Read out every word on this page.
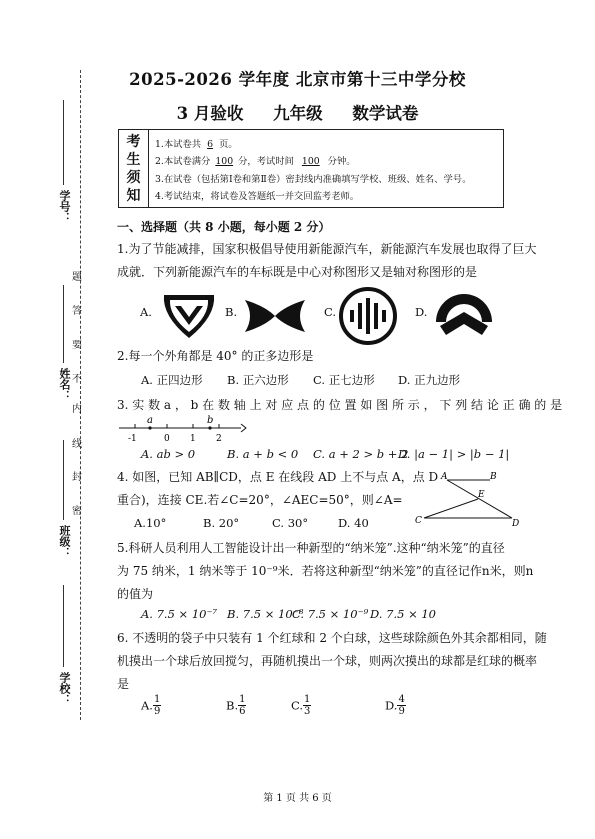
学号：
姓名：
班级：
学校：
题
答
要
不
内
线
封
密
2025-2026 学年度 北京市第十三中学分校
3 月验收 九年级 数学试卷
考
生
须
知
1.本试卷共 6 页。
2.本试卷满分 100 分，考试时间 100 分钟。
3.在试卷（包括第Ⅰ卷和第Ⅱ卷）密封线内准确填写学校、班级、姓名、学号。
4.考试结束，将试卷及答题纸一并交回监考老师。
一、选择题（共 8 小题，每小题 2 分）
1.为了节能减排，国家积极倡导使用新能源汽车，新能源汽车发展也取得了巨大
成就．下列新能源汽车的车标既是中心对称图形又是轴对称图形的是
A.	B.	C.	D.
2.每一个外角都是 40° 的正多边形是
A. 正四边形 B. 正六边形 C. 正七边形 D. 正九边形
3. 实 数 a ， b 在 数 轴 上 对 应 点 的 位 置 如 图 所 示 ， 下 列 结 论 正 确 的 是
-1	0 1 2
a	b
A. ab > 0	B. a + b < 0 C. a + 2 > b + 2
D. |a − 1| > |b − 1|
4. 如图，已知 AB∥CD，点 E 在线段 AD 上不与点 A，点 D
重合)，连接 CE.若∠C=20°，∠AEC=50°，则∠A=
A.10°	B. 20°	C. 30°	D. 40
A	B
C	D
E
5.科研人员利用人工智能设计出一种新型的“纳米笼”.这种“纳米笼”的直径
为 75 纳米，1 纳米等于 10⁻⁹米．若将这种新型“纳米笼”的直径记作n米，则n
的值为
A. 7.5 × 10⁻⁷ B. 7.5 × 10⁻⁸
C. 7.5 × 10⁻⁹ D. 7.5 × 10
6. 不透明的袋子中只装有 1 个红球和 2 个白球，这些球除颜色外其余都相同，随
机摸出一个球后放回搅匀，再随机摸出一个球，则两次摸出的球都是红球的概率
是
$A.\frac{1}{9}$	$B.\frac{1}{6}$	$C.\frac{1}{3}$	$D.\frac{4}{9}$
第 1 页 共 6 页
